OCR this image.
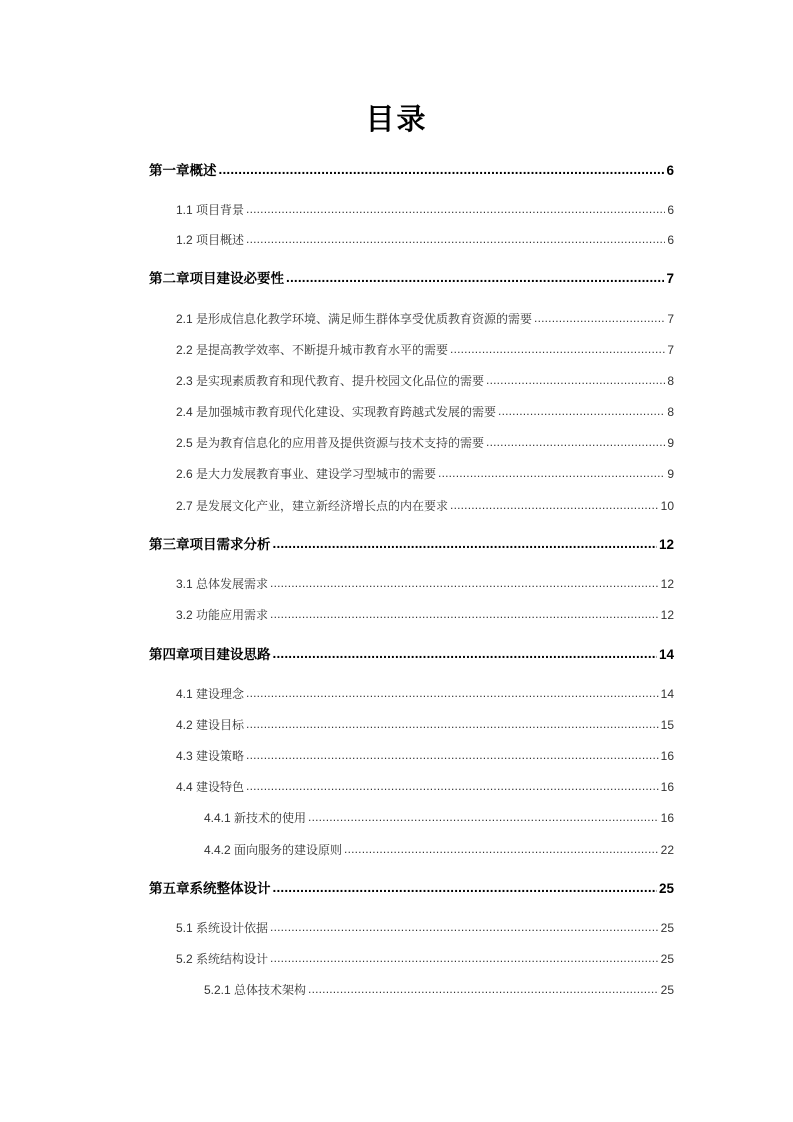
目录
第一章概述 .....	6
1.1 项目背景 .....	6
1.2 项目概述 .....	6
第二章项目建设必要性 .....	7
2.1 是形成信息化教学环境、满足师生群体享受优质教育资源的需要 .....	7
2.2 是提高教学效率、不断提升城市教育水平的需要 .....	7
2.3 是实现素质教育和现代教育、提升校园文化品位的需要 .....	8
2.4 是加强城市教育现代化建设、实现教育跨越式发展的需要 .....	8
2.5 是为教育信息化的应用普及提供资源与技术支持的需要 .....	9
2.6 是大力发展教育事业、建设学习型城市的需要 .....	9
2.7 是发展文化产业，建立新经济增长点的内在要求 .....	10
第三章项目需求分析 .....	12
3.1 总体发展需求 .....	12
3.2 功能应用需求 .....	12
第四章项目建设思路 .....	14
4.1 建设理念 .....	14
4.2 建设目标 .....	15
4.3 建设策略 .....	16
4.4 建设特色 .....	16
4.4.1 新技术的使用 .....	16
4.4.2 面向服务的建设原则 .....	22
第五章系统整体设计 .....	25
5.1 系统设计依据 .....	25
5.2 系统结构设计 .....	25
5.2.1 总体技术架构 .....	25
